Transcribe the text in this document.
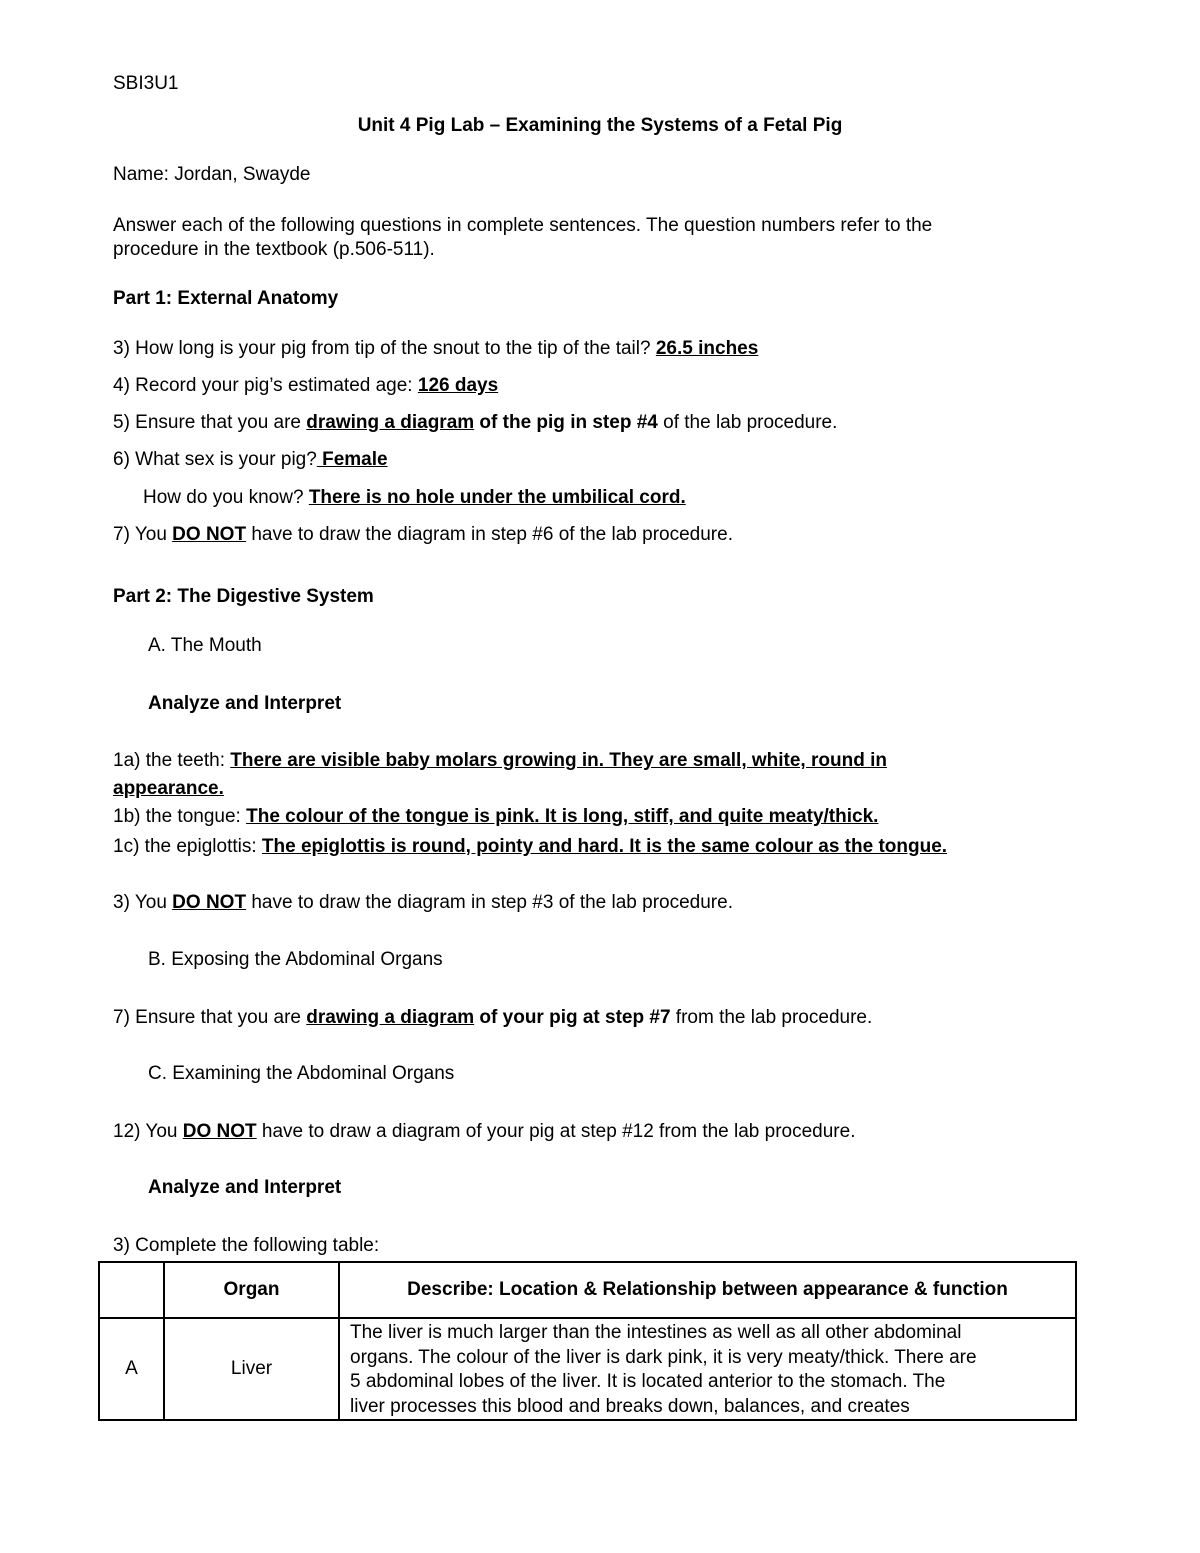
SBI3U1
Unit 4 Pig Lab – Examining the Systems of a Fetal Pig
Name: Jordan, Swayde
Answer each of the following questions in complete sentences. The question numbers refer to the
procedure in the textbook (p.506-511).
Part 1: External Anatomy
3) How long is your pig from tip of the snout to the tip of the tail? 26.5 inches
4) Record your pig’s estimated age: 126 days
5) Ensure that you are drawing a diagram of the pig in step #4 of the lab procedure.
6) What sex is your pig? Female
How do you know? There is no hole under the umbilical cord.
7) You DO NOT have to draw the diagram in step #6 of the lab procedure.
Part 2: The Digestive System
A. The Mouth
Analyze and Interpret
1a) the teeth: There are visible baby molars growing in. They are small, white, round in
appearance.
1b) the tongue: The colour of the tongue is pink. It is long, stiff, and quite meaty/thick.
1c) the epiglottis: The epiglottis is round, pointy and hard. It is the same colour as the tongue.
3) You DO NOT have to draw the diagram in step #3 of the lab procedure.
B. Exposing the Abdominal Organs
7) Ensure that you are drawing a diagram of your pig at step #7 from the lab procedure.
C. Examining the Abdominal Organs
12) You DO NOT have to draw a diagram of your pig at step #12 from the lab procedure.
Analyze and Interpret
3) Complete the following table:
	Organ	Describe: Location & Relationship between appearance & function
A	Liver	The liver is much larger than the intestines as well as all other abdominal
organs. The colour of the liver is dark pink, it is very meaty/thick. There are
5 abdominal lobes of the liver. It is located anterior to the stomach. The
liver processes this blood and breaks down, balances, and creates
